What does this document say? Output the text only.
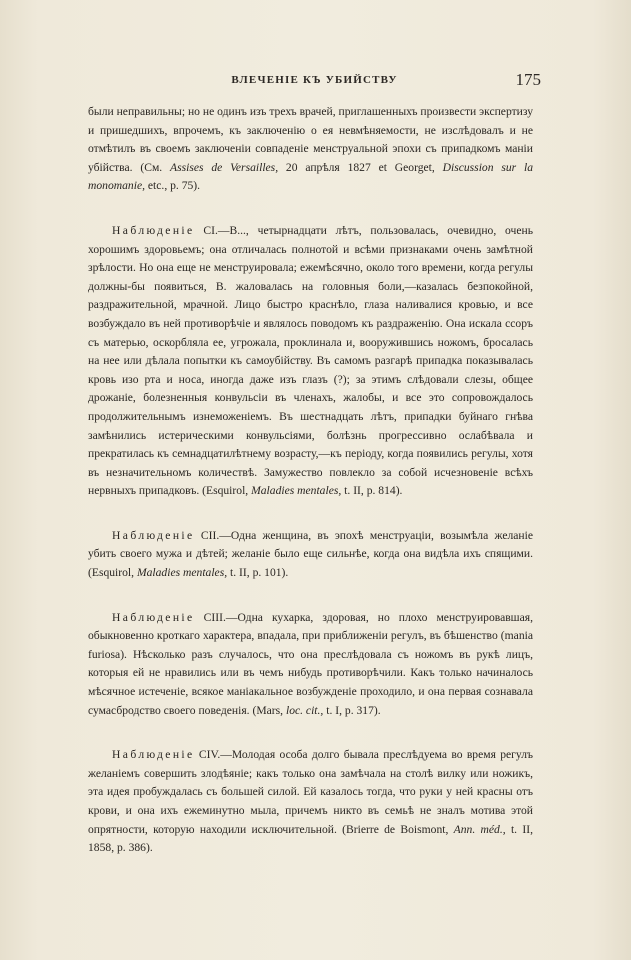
ВЛЕЧЕНІЕ КЪ УБИЙСТВУ	175

были неправильны; но не одинъ изъ трехъ врачей, приглашенныхъ произвести экспертизу и пришедшихъ, впрочемъ, къ заключенію о ея невмѣняемости, не изслѣдовалъ и не отмѣтилъ въ своемъ заключеніи совпаденіе менструальной эпохи съ припадкомъ маніи убійства. (См. Assises de Versailles, 20 апрѣля 1827 et Georget, Discussion sur la monomanie, etc., p. 75).

Наблюденіе CI.—В..., четырнадцати лѣтъ, пользовалась, очевидно, очень хорошимъ здоровьемъ; она отличалась полнотой и всѣми признаками очень замѣтной зрѣлости. Но она еще не менструировала; ежемѣсячно, около того времени, когда регулы должны-бы появиться, В. жаловалась на головныя боли,—казалась безпокойной, раздражительной, мрачной. Лицо быстро краснѣло, глаза наливалися кровью, и все возбуждало въ ней противорѣчіе и являлось поводомъ къ раздраженію. Она искала ссоръ съ матерью, оскорбляла ее, угрожала, проклинала и, вооружившись ножомъ, бросалась на нее или дѣлала попытки къ самоубійству. Въ самомъ разгарѣ припадка показывалась кровь изо рта и носа, иногда даже изъ глазъ (?); за этимъ слѣдовали слезы, общее дрожаніе, болезненныя конвульсіи въ членахъ, жалобы, и все это сопровождалось продолжительнымъ изнеможеніемъ. Въ шестнадцать лѣтъ, припадки буйнаго гнѣва замѣнились истерическими конвульсіями, болѣзнь прогрессивно ослабѣвала и прекратилась къ семнадцатилѣтнему возрасту,—къ періоду, когда появились регулы, хотя въ незначительномъ количествѣ. Замужество повлекло за собой исчезновеніе всѣхъ нервныхъ припадковъ. (Esquirol, Maladies mentales, t. II, p. 814).

Наблюденіе CII.—Одна женщина, въ эпохѣ менструаціи, возымѣла желаніе убить своего мужа и дѣтей; желаніе было еще сильнѣе, когда она видѣла ихъ спящими. (Esquirol, Maladies mentales, t. II, p. 101).

Наблюденіе CIII.—Одна кухарка, здоровая, но плохо менструировавшая, обыкновенно кроткаго характера, впадала, при приближеніи регулъ, въ бѣшенство (mania furiosa). Нѣсколько разъ случалось, что она преслѣдовала съ ножомъ въ рукѣ лицъ, которыя ей не нравились или въ чемъ нибудь противорѣчили. Какъ только начиналось мѣсячное истеченіе, всякое маніакальное возбужденіе проходило, и она первая сознавала сумасбродство своего поведенія. (Mars, loc. cit., t. I, p. 317).

Наблюденіе CIV.—Молодая особа долго бывала преслѣдуема во время регулъ желаніемъ совершить злодѣяніе; какъ только она замѣчала на столѣ вилку или ножикъ, эта идея пробуждалась съ большей силой. Ей казалось тогда, что руки у ней красны отъ крови, и она ихъ ежеминутно мыла, причемъ никто въ семьѣ не зналъ мотива этой опрятности, которую находили исключительной. (Brierre de Boismont, Ann. méd., t. II, 1858, p. 386).
